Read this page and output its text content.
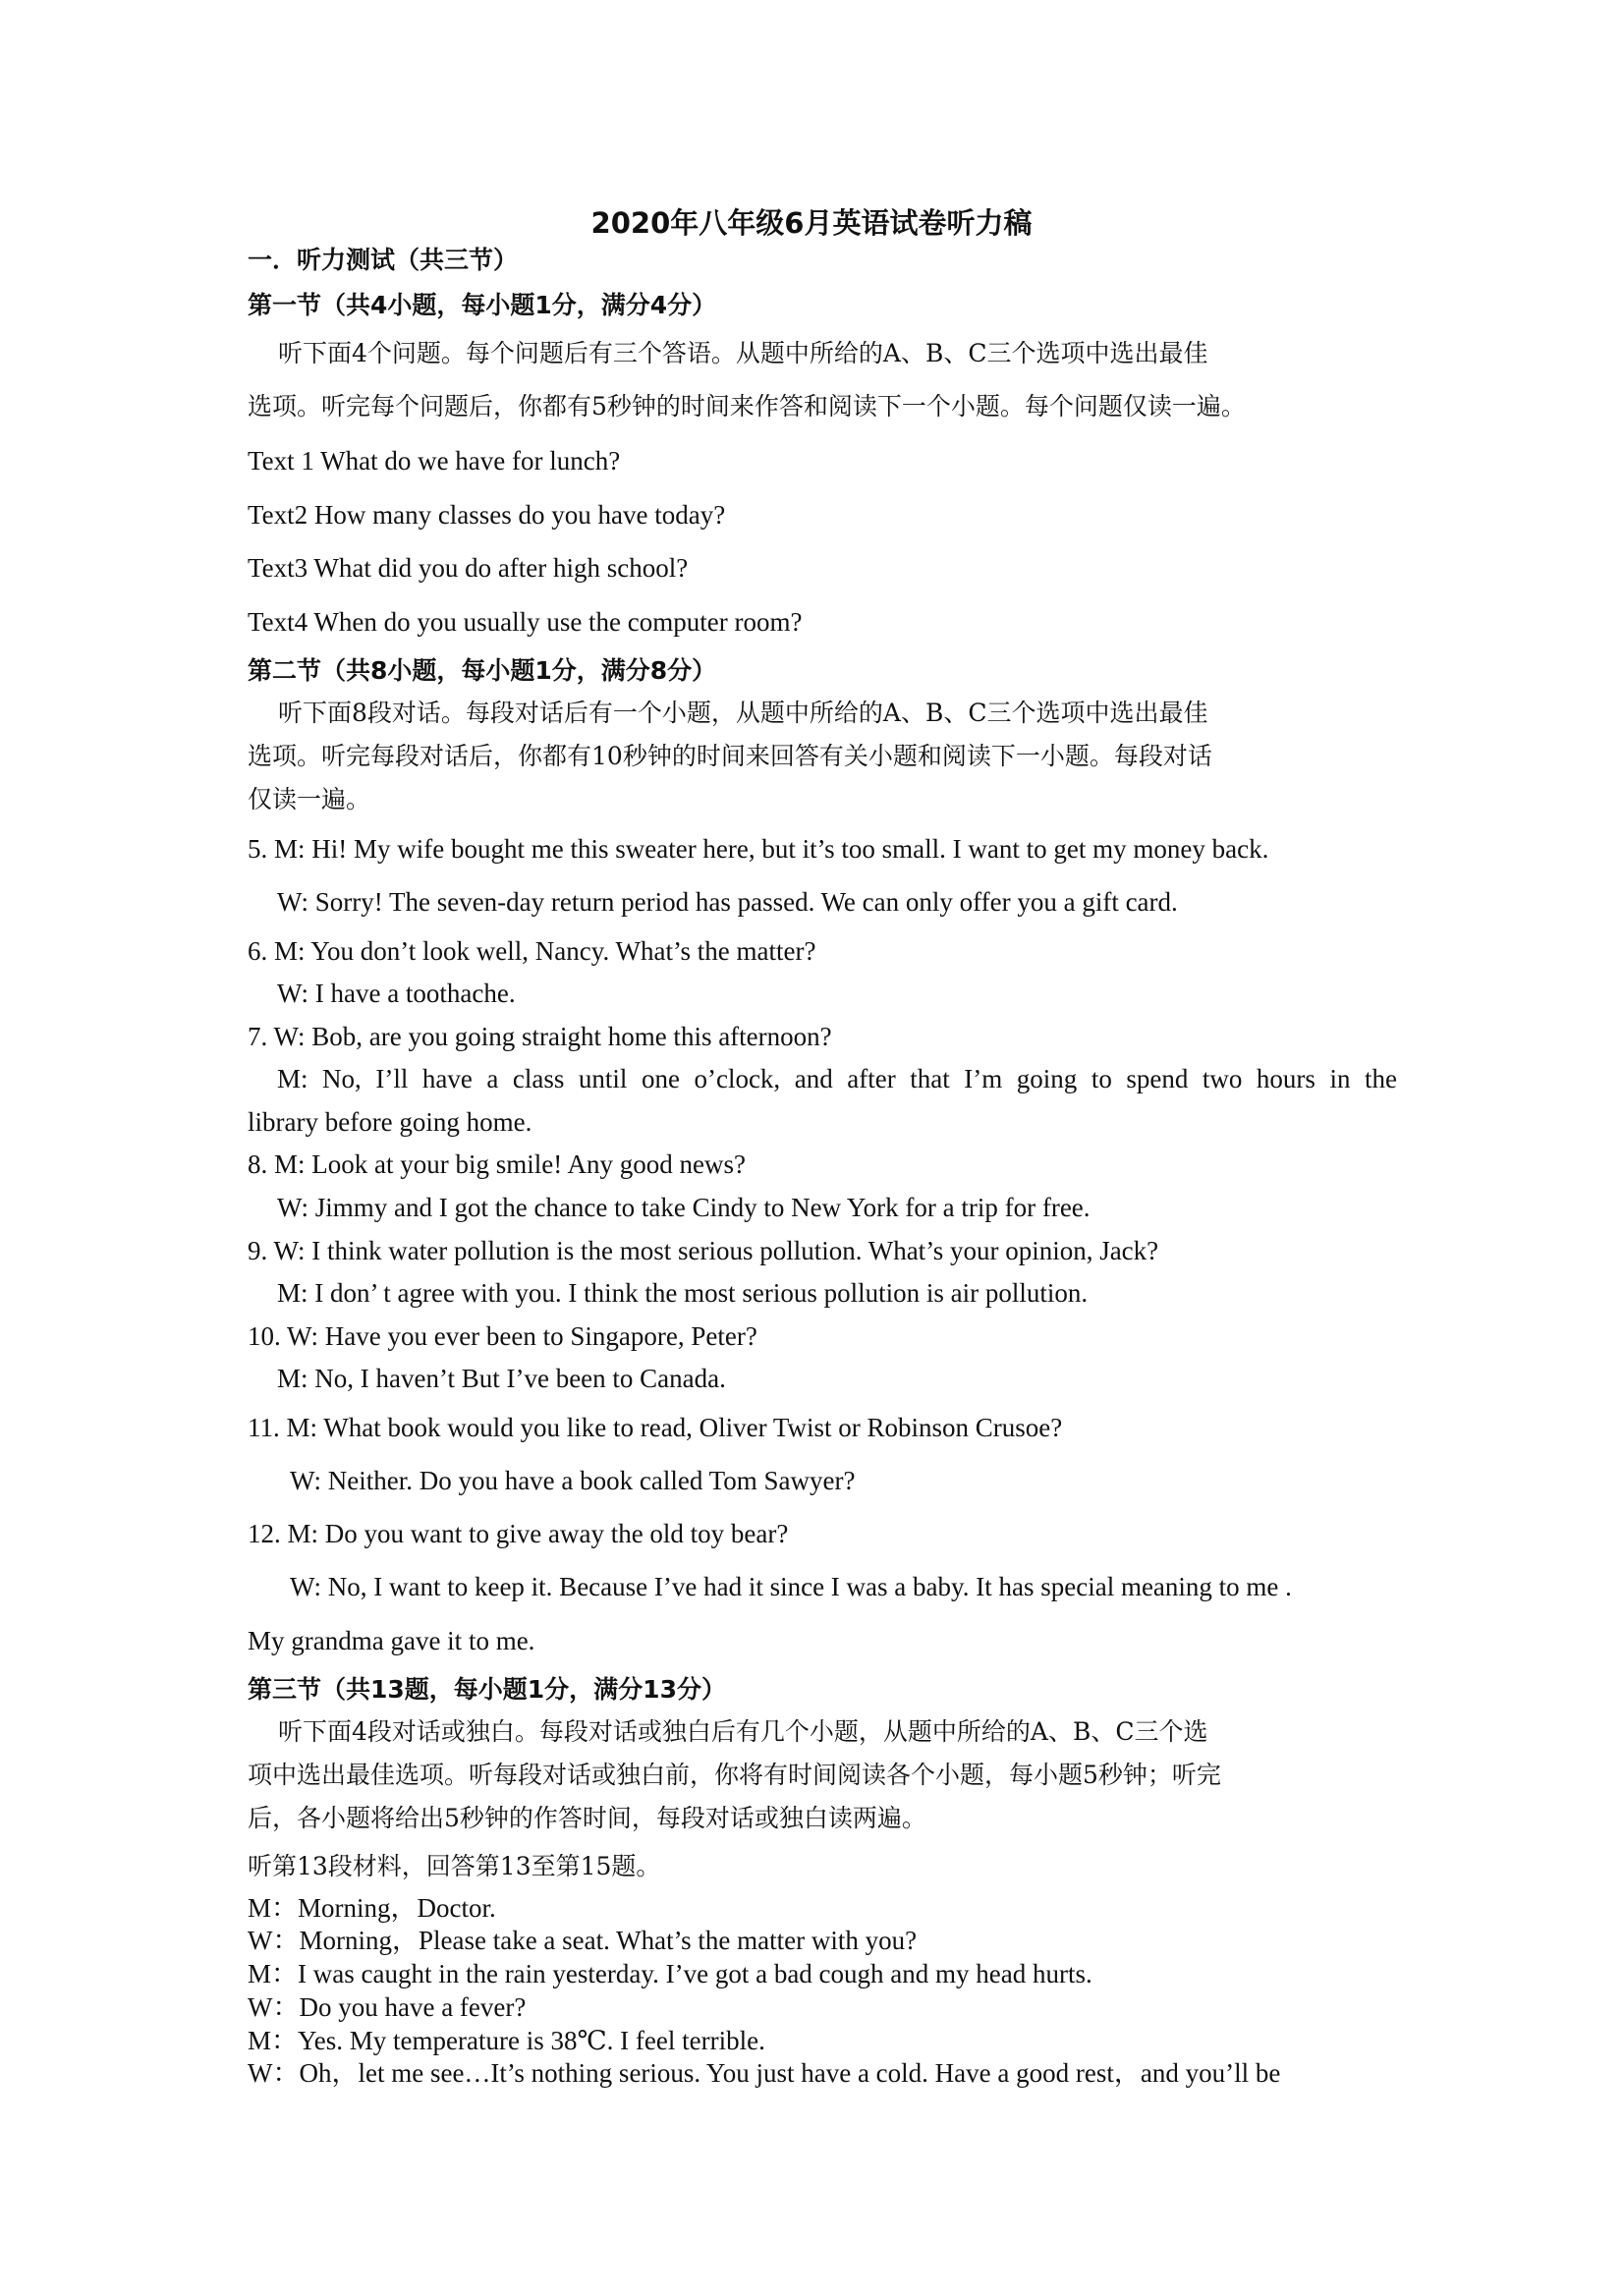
2020年八年级6月英语试卷听力稿
一．听力测试（共三节）
第一节（共4小题，每小题1分，满分4分）
听下面4个问题。每个问题后有三个答语。从题中所给的A、B、C三个选项中选出最佳
选项。听完每个问题后，你都有5秒钟的时间来作答和阅读下一个小题。每个问题仅读一遍。
Text 1 What do we have for lunch?
Text2 How many classes do you have today?
Text3 What did you do after high school?
Text4 When do you usually use the computer room?
第二节（共8小题，每小题1分，满分8分）
听下面8段对话。每段对话后有一个小题，从题中所给的A、B、C三个选项中选出最佳
选项。听完每段对话后，你都有10秒钟的时间来回答有关小题和阅读下一小题。每段对话
仅读一遍。
5. M: Hi! My wife bought me this sweater here, but it’s too small. I want to get my money back.
W: Sorry! The seven-day return period has passed. We can only offer you a gift card.
6. M: You don’t look well, Nancy. What’s the matter?
W: I have a toothache.
7. W: Bob, are you going straight home this afternoon?
M: No, I’ll have a class until one o’clock, and after that I’m going to spend two hours in the
library before going home.
8. M: Look at your big smile! Any good news?
W: Jimmy and I got the chance to take Cindy to New York for a trip for free.
9. W: I think water pollution is the most serious pollution. What’s your opinion, Jack?
M: I don’ t agree with you. I think the most serious pollution is air pollution.
10. W: Have you ever been to Singapore, Peter?
M: No, I haven’t But I’ve been to Canada.
11. M: What book would you like to read, Oliver Twist or Robinson Crusoe?
W: Neither. Do you have a book called Tom Sawyer?
12. M: Do you want to give away the old toy bear?
W: No, I want to keep it. Because I’ve had it since I was a baby. It has special meaning to me .
My grandma gave it to me.
第三节（共13题，每小题1分，满分13分）
听下面4段对话或独白。每段对话或独白后有几个小题，从题中所给的A、B、C三个选
项中选出最佳选项。听每段对话或独白前，你将有时间阅读各个小题，每小题5秒钟；听完
后，各小题将给出5秒钟的作答时间，每段对话或独白读两遍。
听第13段材料，回答第13至第15题。
M：Morning，Doctor.
W：Morning，Please take a seat. What’s the matter with you?
M：I was caught in the rain yesterday. I’ve got a bad cough and my head hurts.
W：Do you have a fever?
M：Yes. My temperature is 38℃. I feel terrible.
W：Oh，let me see…It’s nothing serious. You just have a cold. Have a good rest，and you’ll be
